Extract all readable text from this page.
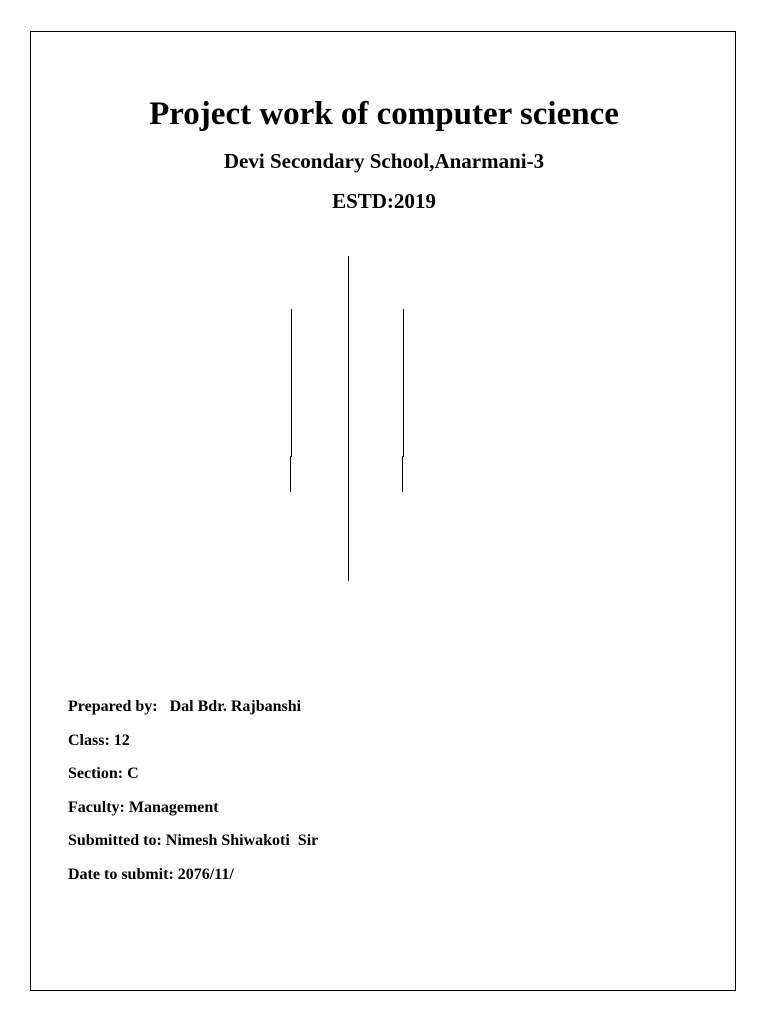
Project work of computer science
Devi Secondary School,Anarmani-3
ESTD:2019
Prepared by:   Dal Bdr. Rajbanshi
Class: 12
Section: C
Faculty: Management
Submitted to: Nimesh Shiwakoti  Sir
Date to submit: 2076/11/
